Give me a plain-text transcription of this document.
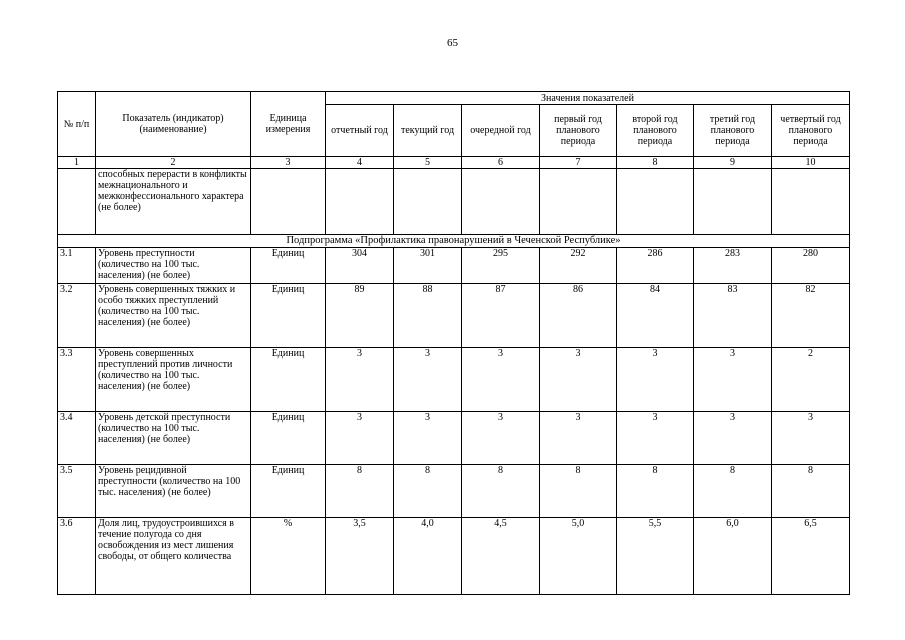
65
№ п/п	Показатель (индикатор) (наименование)	Единица измерения	Значения показателей						
			отчетный год	текущий год	очередной год	первый год планового периода	второй год планового периода	третий год планового периода	четвертый год планового периода
1	2	3	4	5	6	7	8	9	10
	способных перерасти в конфликты межнационального и межконфессионального характера (не более)								
Подпрограмма «Профилактика правонарушений в Чеченской Республике»									
3.1	Уровень преступности (количество на 100 тыс. населения) (не более)	Единиц	304	301	295	292	286	283	280
3.2	Уровень совершенных тяжких и особо тяжких преступлений (количество на 100 тыс. населения) (не более)	Единиц	89	88	87	86	84	83	82
3.3	Уровень совершенных преступлений против личности (количество на 100 тыс. населения) (не более)	Единиц	3	3	3	3	3	3	2
3.4	Уровень детской преступности (количество на 100 тыс. населения) (не более)	Единиц	3	3	3	3	3	3	3
3.5	Уровень рецидивной преступности (количество на 100 тыс. населения) (не более)	Единиц	8	8	8	8	8	8	8
3.6	Доля лиц, трудоустроившихся в течение полугода со дня освобождения из мест лишения свободы, от общего количества	%	3,5	4,0	4,5	5,0	5,5	6,0	6,5
